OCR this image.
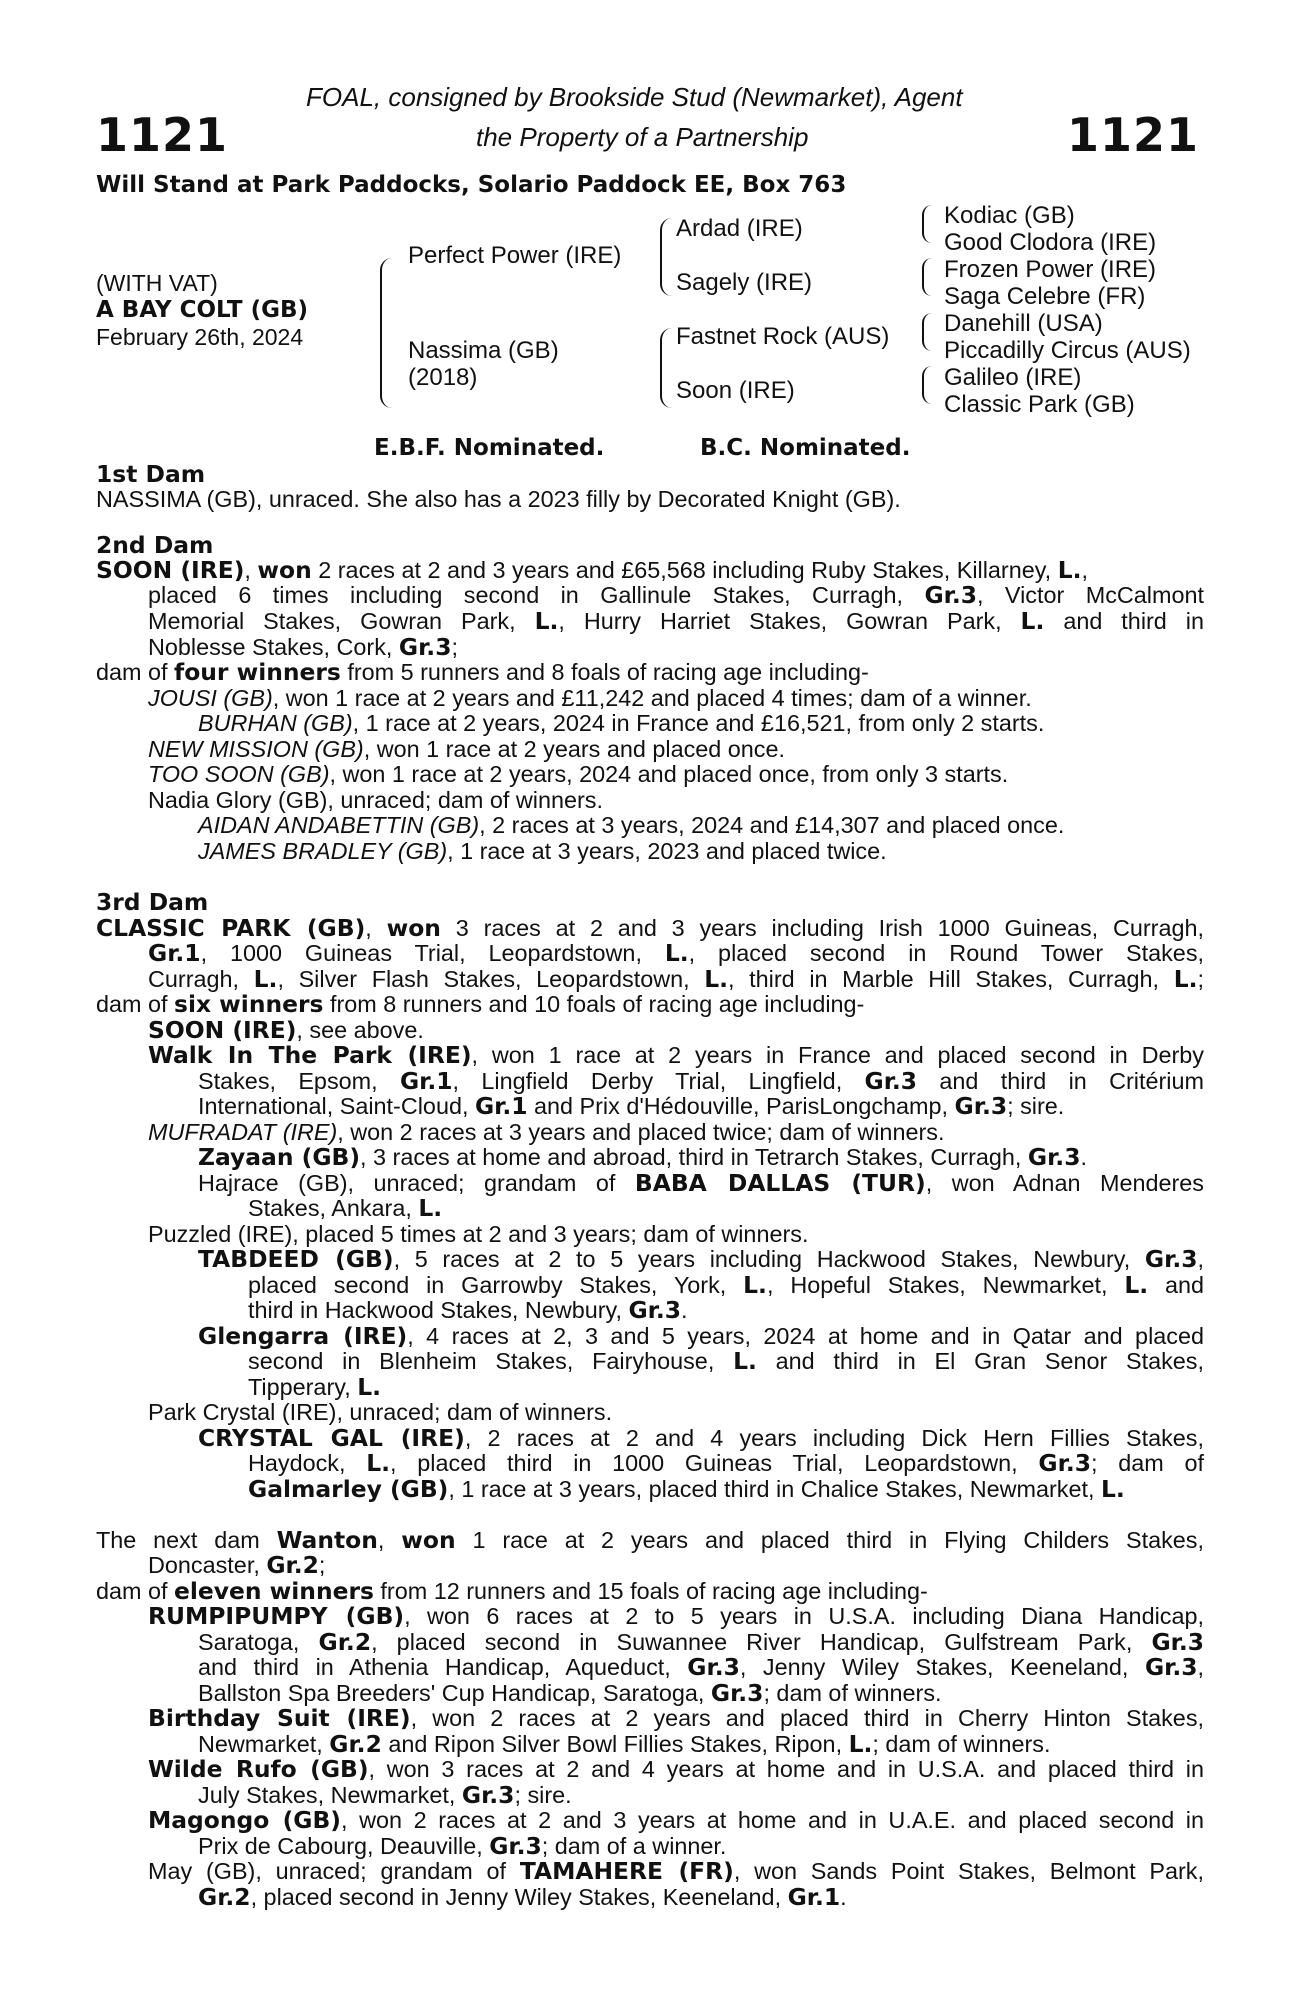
1121	1121
FOAL, consigned by Brookside Stud (Newmarket), Agent
the Property of a Partnership
Will Stand at Park Paddocks, Solario Paddock EE, Box 763
(WITH VAT)
A BAY COLT (GB)
February 26th, 2024
Perfect Power (IRE)
Nassima (GB)
(2018)
Ardad (IRE)
Sagely (IRE)
Fastnet Rock (AUS)
Soon (IRE)
Kodiac (GB)
Good Clodora (IRE)
Frozen Power (IRE)
Saga Celebre (FR)
Danehill (USA)
Piccadilly Circus (AUS)
Galileo (IRE)
Classic Park (GB)
E.B.F. Nominated.	B.C. Nominated.
1st Dam
NASSIMA (GB), unraced. She also has a 2023 filly by Decorated Knight (GB).
2nd Dam
SOON (IRE), won 2 races at 2 and 3 years and £65,568 including Ruby Stakes, Killarney, L.,
placed 6 times including second in Gallinule Stakes, Curragh, Gr.3, Victor McCalmont
Memorial Stakes, Gowran Park, L., Hurry Harriet Stakes, Gowran Park, L. and third in
Noblesse Stakes, Cork, Gr.3;
dam of four winners from 5 runners and 8 foals of racing age including-
JOUSI (GB), won 1 race at 2 years and £11,242 and placed 4 times; dam of a winner.
BURHAN (GB), 1 race at 2 years, 2024 in France and £16,521, from only 2 starts.
NEW MISSION (GB), won 1 race at 2 years and placed once.
TOO SOON (GB), won 1 race at 2 years, 2024 and placed once, from only 3 starts.
Nadia Glory (GB), unraced; dam of winners.
AIDAN ANDABETTIN (GB), 2 races at 3 years, 2024 and £14,307 and placed once.
JAMES BRADLEY (GB), 1 race at 3 years, 2023 and placed twice.
3rd Dam
CLASSIC PARK (GB), won 3 races at 2 and 3 years including Irish 1000 Guineas, Curragh,
Gr.1, 1000 Guineas Trial, Leopardstown, L., placed second in Round Tower Stakes,
Curragh, L., Silver Flash Stakes, Leopardstown, L., third in Marble Hill Stakes, Curragh, L.;
dam of six winners from 8 runners and 10 foals of racing age including-
SOON (IRE), see above.
Walk In The Park (IRE), won 1 race at 2 years in France and placed second in Derby
Stakes, Epsom, Gr.1, Lingfield Derby Trial, Lingfield, Gr.3 and third in Critérium
International, Saint-Cloud, Gr.1 and Prix d'Hédouville, ParisLongchamp, Gr.3; sire.
MUFRADAT (IRE), won 2 races at 3 years and placed twice; dam of winners.
Zayaan (GB), 3 races at home and abroad, third in Tetrarch Stakes, Curragh, Gr.3.
Hajrace (GB), unraced; grandam of BABA DALLAS (TUR), won Adnan Menderes
Stakes, Ankara, L.
Puzzled (IRE), placed 5 times at 2 and 3 years; dam of winners.
TABDEED (GB), 5 races at 2 to 5 years including Hackwood Stakes, Newbury, Gr.3,
placed second in Garrowby Stakes, York, L., Hopeful Stakes, Newmarket, L. and
third in Hackwood Stakes, Newbury, Gr.3.
Glengarra (IRE), 4 races at 2, 3 and 5 years, 2024 at home and in Qatar and placed
second in Blenheim Stakes, Fairyhouse, L. and third in El Gran Senor Stakes,
Tipperary, L.
Park Crystal (IRE), unraced; dam of winners.
CRYSTAL GAL (IRE), 2 races at 2 and 4 years including Dick Hern Fillies Stakes,
Haydock, L., placed third in 1000 Guineas Trial, Leopardstown, Gr.3; dam of
Galmarley (GB), 1 race at 3 years, placed third in Chalice Stakes, Newmarket, L.
The next dam Wanton, won 1 race at 2 years and placed third in Flying Childers Stakes,
Doncaster, Gr.2;
dam of eleven winners from 12 runners and 15 foals of racing age including-
RUMPIPUMPY (GB), won 6 races at 2 to 5 years in U.S.A. including Diana Handicap,
Saratoga, Gr.2, placed second in Suwannee River Handicap, Gulfstream Park, Gr.3
and third in Athenia Handicap, Aqueduct, Gr.3, Jenny Wiley Stakes, Keeneland, Gr.3,
Ballston Spa Breeders' Cup Handicap, Saratoga, Gr.3; dam of winners.
Birthday Suit (IRE), won 2 races at 2 years and placed third in Cherry Hinton Stakes,
Newmarket, Gr.2 and Ripon Silver Bowl Fillies Stakes, Ripon, L.; dam of winners.
Wilde Rufo (GB), won 3 races at 2 and 4 years at home and in U.S.A. and placed third in
July Stakes, Newmarket, Gr.3; sire.
Magongo (GB), won 2 races at 2 and 3 years at home and in U.A.E. and placed second in
Prix de Cabourg, Deauville, Gr.3; dam of a winner.
May (GB), unraced; grandam of TAMAHERE (FR), won Sands Point Stakes, Belmont Park,
Gr.2, placed second in Jenny Wiley Stakes, Keeneland, Gr.1.
